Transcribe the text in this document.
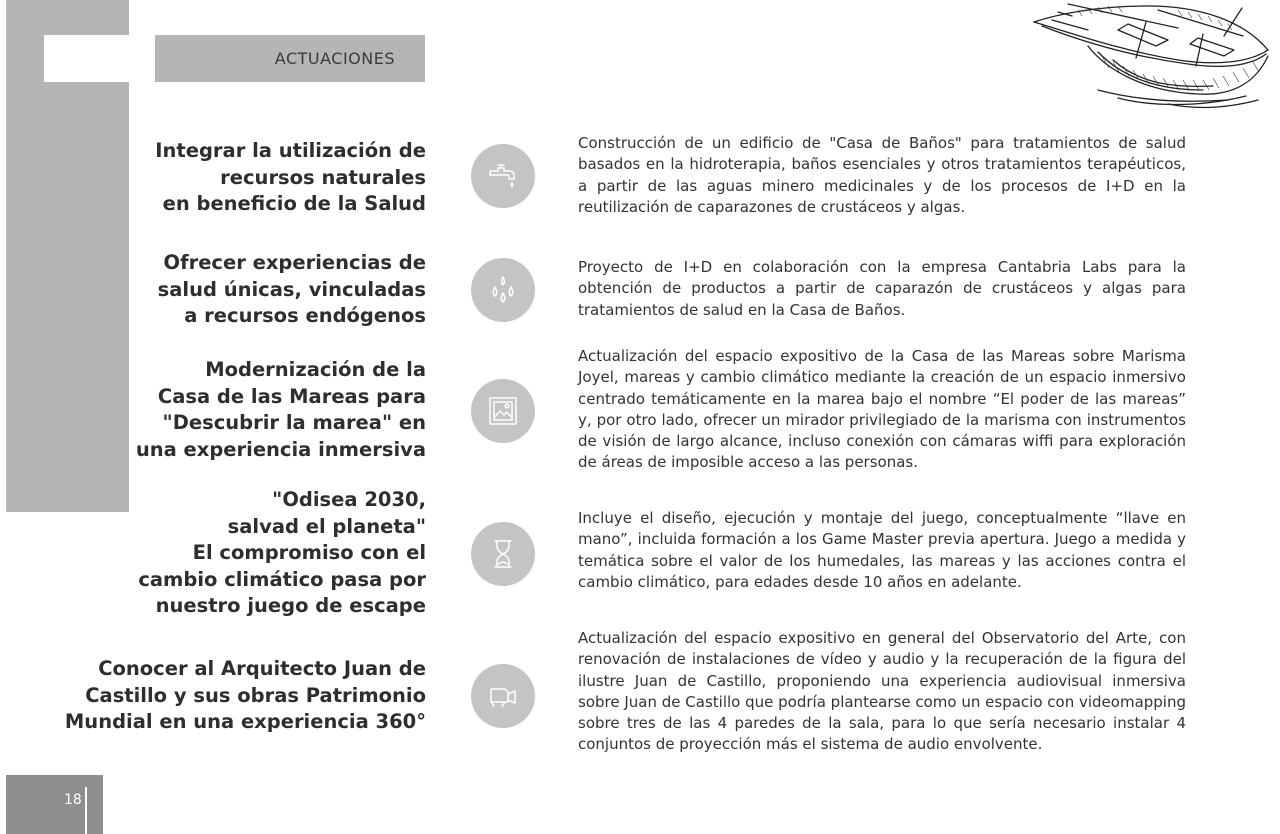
ACTUACIONES
Integrar la utilización de
recursos naturales
en beneficio de la Salud
Construcción de un edificio de "Casa de Baños" para tratamientos de salud basados en la hidroterapia, baños esenciales y otros tratamientos terapéuticos, a partir de las aguas minero medicinales y de los procesos de I+D en la reutilización de caparazones de crustáceos y algas.
Ofrecer experiencias de
salud únicas, vinculadas
a recursos endógenos
Proyecto de I+D en colaboración con la empresa Cantabria Labs para la obtención de productos a partir de caparazón de crustáceos y algas para tratamientos de salud en la Casa de Baños.
Modernización de la
Casa de las Mareas para
"Descubrir la marea" en
una experiencia inmersiva
Actualización del espacio expositivo de la Casa de las Mareas sobre Marisma Joyel, mareas y cambio climático mediante la creación de un espacio inmersivo centrado temáticamente en la marea bajo el nombre “El poder de las mareas” y, por otro lado, ofrecer un mirador privilegiado de la marisma con instrumentos de visión de largo alcance, incluso conexión con cámaras wiffi para exploración de áreas de imposible acceso a las personas.
"Odisea 2030,
salvad el planeta"
El compromiso con el
cambio climático pasa por
nuestro juego de escape
Incluye el diseño, ejecución y montaje del juego, conceptualmente “llave en mano”, incluida formación a los Game Master previa apertura. Juego a medida y temática sobre el valor de los humedales, las mareas y las acciones contra el cambio climático, para edades desde 10 años en adelante.
Conocer al Arquitecto Juan de
Castillo y sus obras Patrimonio
Mundial en una experiencia 360°
Actualización del espacio expositivo en general del Observatorio del Arte, con renovación de instalaciones de vídeo y audio y la recuperación de la figura del ilustre Juan de Castillo, proponiendo una experiencia audiovisual inmersiva sobre Juan de Castillo que podría plantearse como un espacio con videomapping sobre tres de las 4 paredes de la sala, para lo que sería necesario instalar 4 conjuntos de proyección más el sistema de audio envolvente.
18
